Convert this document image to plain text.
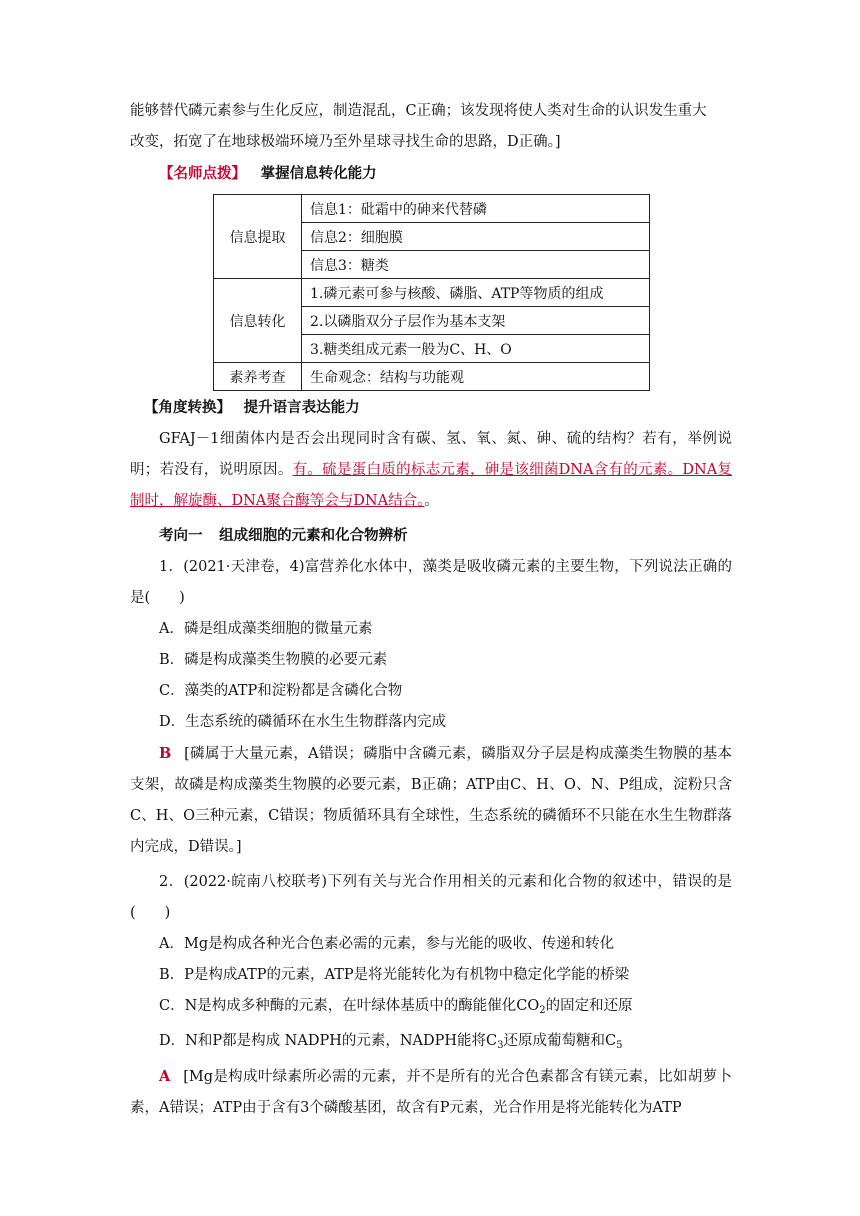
能够替代磷元素参与生化反应，制造混乱，C正确；该发现将使人类对生命的认识发生重大
改变，拓宽了在地球极端环境乃至外星球寻找生命的思路，D正确。]

【名师点拨】 掌握信息转化能力

信息提取	信息1：砒霜中的砷来代替磷
	信息2：细胞膜
	信息3：糖类
信息转化	1.磷元素可参与核酸、磷脂、ATP等物质的组成
	2.以磷脂双分子层作为基本支架
	3.糖类组成元素一般为C、H、O
素养考查	生命观念：结构与功能观

【角度转换】 提升语言表达能力

GFAJ－1细菌体内是否会出现同时含有碳、氢、氧、氮、砷、硫的结构？若有，举例说明；若没有，说明原因。有。硫是蛋白质的标志元素，砷是该细菌DNA含有的元素。DNA复制时，解旋酶、DNA聚合酶等会与DNA结合。。

考向一 组成细胞的元素和化合物辨析

1．(2021·天津卷，4)富营养化水体中，藻类是吸收磷元素的主要生物，下列说法正确的是(　　)

A．磷是组成藻类细胞的微量元素

B．磷是构成藻类生物膜的必要元素

C．藻类的ATP和淀粉都是含磷化合物

D．生态系统的磷循环在水生生物群落内完成

B [磷属于大量元素，A错误；磷脂中含磷元素，磷脂双分子层是构成藻类生物膜的基本支架，故磷是构成藻类生物膜的必要元素，B正确；ATP由C、H、O、N、P组成，淀粉只含C、H、O三种元素，C错误；物质循环具有全球性，生态系统的磷循环不只能在水生生物群落内完成，D错误。]

2．(2022·皖南八校联考)下列有关与光合作用相关的元素和化合物的叙述中，错误的是(　　)

A．Mg是构成各种光合色素必需的元素，参与光能的吸收、传递和转化

B．P是构成ATP的元素，ATP是将光能转化为有机物中稳定化学能的桥梁

C．N是构成多种酶的元素，在叶绿体基质中的酶能催化$CO_2$的固定和还原

D．N和P都是构成 NADPH的元素，NADPH能将$C_3$还原成葡萄糖和$C_5$

A [Mg是构成叶绿素所必需的元素，并不是所有的光合色素都含有镁元素，比如胡萝卜素，A错误；ATP由于含有3个磷酸基团，故含有P元素，光合作用是将光能转化为ATP
